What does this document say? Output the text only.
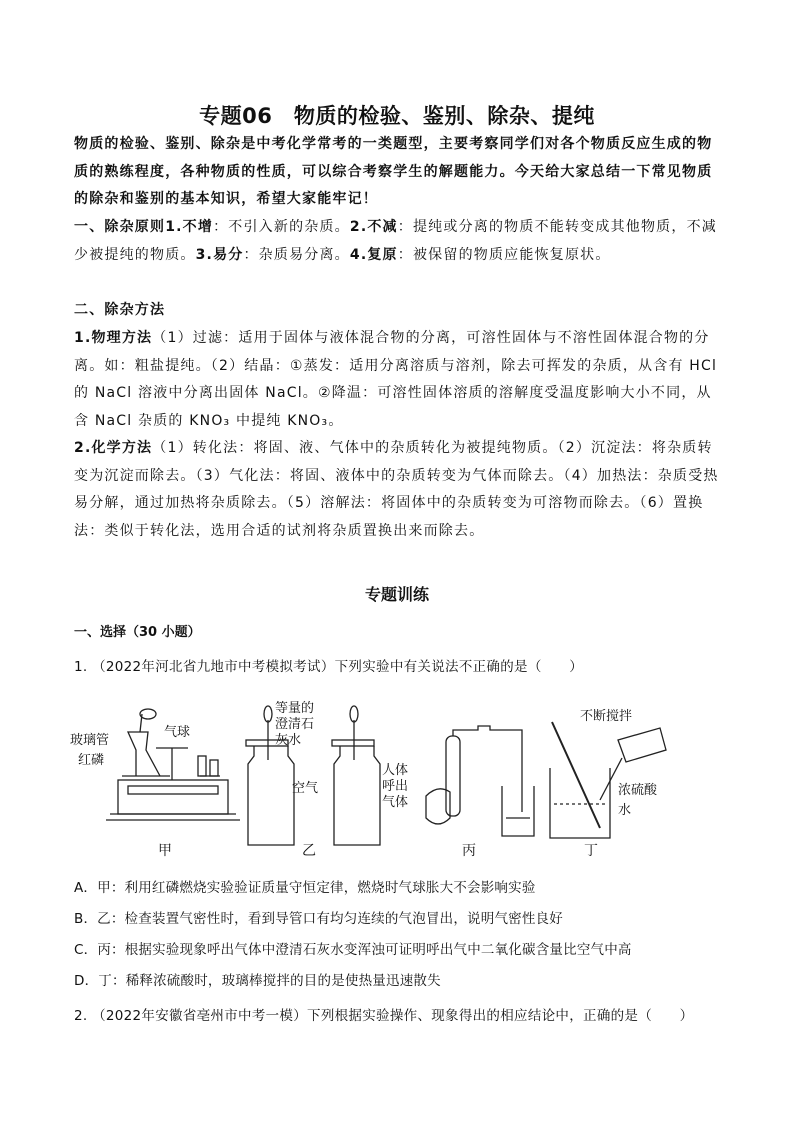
专题06　物质的检验、鉴别、除杂、提纯
物质的检验、鉴别、除杂是中考化学常考的一类题型，主要考察同学们对各个物质反应生成的物质的熟练程度，各种物质的性质，可以综合考察学生的解题能力。今天给大家总结一下常见物质的除杂和鉴别的基本知识，希望大家能牢记！
一、除杂原则1.不增：不引入新的杂质。2.不减：提纯或分离的物质不能转变成其他物质，不减少被提纯的物质。3.易分：杂质易分离。4.复原：被保留的物质应能恢复原状。
二、除杂方法
1.物理方法（1）过滤：适用于固体与液体混合物的分离，可溶性固体与不溶性固体混合物的分离。如：粗盐提纯。（2）结晶：①蒸发：适用分离溶质与溶剂，除去可挥发的杂质，从含有 HCl 的 NaCl 溶液中分离出固体 NaCl。②降温：可溶性固体溶质的溶解度受温度影响大小不同，从含 NaCl 杂质的 KNO₃ 中提纯 KNO₃。
2.化学方法（1）转化法：将固、液、气体中的杂质转化为被提纯物质。（2）沉淀法：将杂质转变为沉淀而除去。（3）气化法：将固、液体中的杂质转变为气体而除去。（4）加热法：杂质受热易分解，通过加热将杂质除去。（5）溶解法：将固体中的杂质转变为可溶物而除去。（6）置换法：类似于转化法，选用合适的试剂将杂质置换出来而除去。
专题训练
一、选择（30 小题）
1. （2022年河北省九地市中考模拟考试）下列实验中有关说法不正确的是（　　）
气球
玻璃管
红磷
等量的
澄清石
灰水
空气
人体
呼出
气体
不断搅拌
浓硫酸
水
甲	乙	丙	丁
A．甲：利用红磷燃烧实验验证质量守恒定律，燃烧时气球胀大不会影响实验
B．乙：检查装置气密性时，看到导管口有均匀连续的气泡冒出，说明气密性良好
C．丙：根据实验现象呼出气体中澄清石灰水变浑浊可证明呼出气中二氧化碳含量比空气中高
D．丁：稀释浓硫酸时，玻璃棒搅拌的目的是使热量迅速散失
2. （2022年安徽省亳州市中考一模）下列根据实验操作、现象得出的相应结论中，正确的是（　　）
